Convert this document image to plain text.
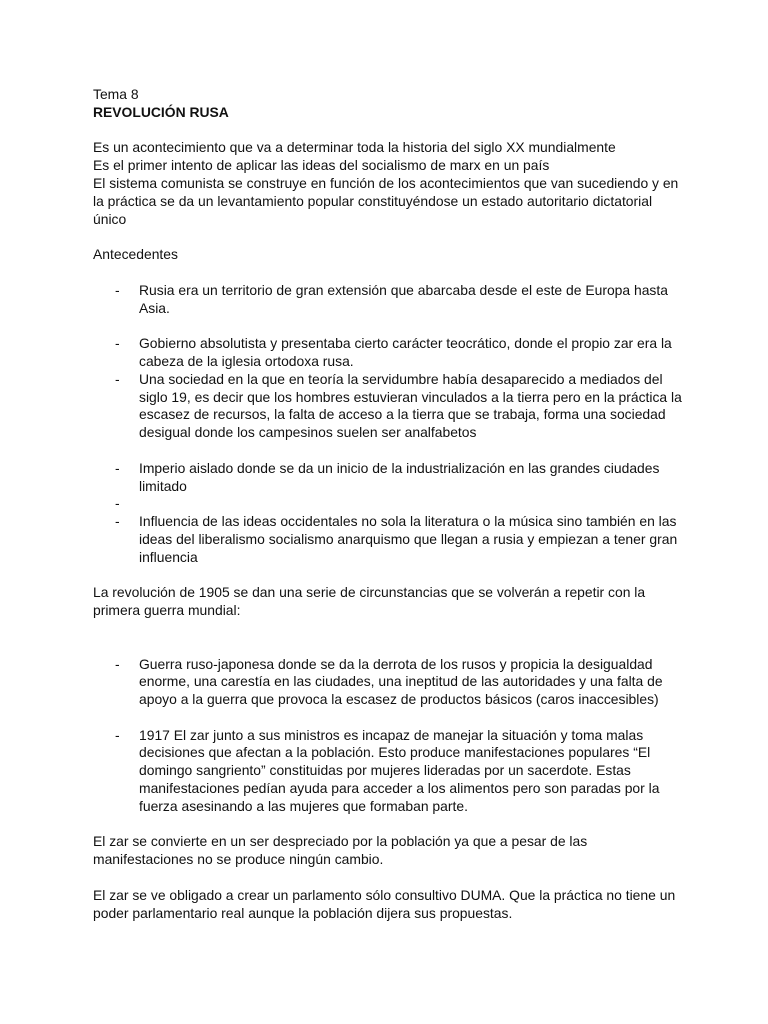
Tema 8

REVOLUCIÓN RUSA

Es un acontecimiento que va a determinar toda la historia del siglo XX mundialmente

Es el primer intento de aplicar las ideas del socialismo de marx en un país

El sistema comunista se construye en función de los acontecimientos que van sucediendo y en la práctica se da un levantamiento popular constituyéndose un estado autoritario dictatorial único

Antecedentes

- Rusia era un territorio de gran extensión que abarcaba desde el este de Europa hasta Asia.

- Gobierno absolutista y presentaba cierto carácter teocrático, donde el propio zar era la cabeza de la iglesia ortodoxa rusa.

- Una sociedad en la que en teoría la servidumbre había desaparecido a mediados del siglo 19, es decir que los hombres estuvieran vinculados a la tierra pero en la práctica la escasez de recursos, la falta de acceso a la tierra que se trabaja, forma una sociedad desigual donde los campesinos suelen ser analfabetos

- Imperio aislado donde se da un inicio de la industrialización en las grandes ciudades limitado

-
- Influencia de las ideas occidentales no sola la literatura o la música sino también en las ideas del liberalismo socialismo anarquismo que llegan a rusia y empiezan a tener gran influencia

La revolución de 1905 se dan una serie de circunstancias que se volverán a repetir con la primera guerra mundial:

- Guerra ruso-japonesa donde se da la derrota de los rusos y propicia la desigualdad enorme, una carestía en las ciudades, una ineptitud de las autoridades y una falta de apoyo a la guerra que provoca la escasez de productos básicos (caros inaccesibles)

- 1917 El zar junto a sus ministros es incapaz de manejar la situación y toma malas decisiones que afectan a la población. Esto produce manifestaciones populares “El domingo sangriento” constituidas por mujeres lideradas por un sacerdote. Estas manifestaciones pedían ayuda para acceder a los alimentos pero son paradas por la fuerza asesinando a las mujeres que formaban parte.

El zar se convierte en un ser despreciado por la población ya que a pesar de las manifestaciones no se produce ningún cambio.

El zar se ve obligado a crear un parlamento sólo consultivo DUMA. Que la práctica no tiene un poder parlamentario real aunque la población dijera sus propuestas.
